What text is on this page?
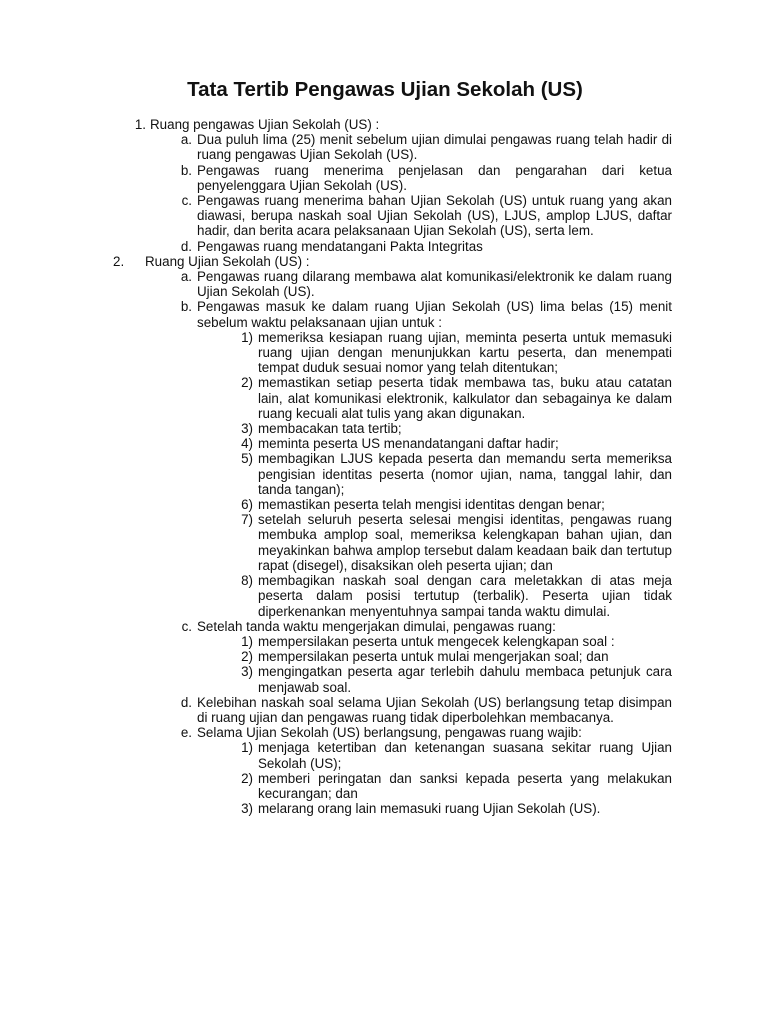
Tata Tertib Pengawas Ujian Sekolah (US)
1. Ruang pengawas Ujian Sekolah (US) :
a. Dua puluh lima (25) menit sebelum ujian dimulai pengawas ruang telah hadir di ruang pengawas Ujian Sekolah (US).
b. Pengawas ruang menerima penjelasan dan pengarahan dari ketua penyelenggara Ujian Sekolah (US).
c. Pengawas ruang menerima bahan Ujian Sekolah (US) untuk ruang yang akan diawasi, berupa naskah soal Ujian Sekolah (US), LJUS, amplop LJUS, daftar hadir, dan berita acara pelaksanaan Ujian Sekolah (US), serta lem.
d. Pengawas ruang mendatangani Pakta Integritas
2.	Ruang Ujian Sekolah (US) :
a. Pengawas ruang dilarang membawa alat komunikasi/elektronik ke dalam ruang Ujian Sekolah (US).
b. Pengawas masuk ke dalam ruang Ujian Sekolah (US) lima belas (15) menit sebelum waktu pelaksanaan ujian untuk :
1) memeriksa kesiapan ruang ujian, meminta peserta untuk memasuki ruang ujian dengan menunjukkan kartu peserta, dan menempati tempat duduk sesuai nomor yang telah ditentukan;
2) memastikan setiap peserta tidak membawa tas, buku atau catatan lain, alat komunikasi elektronik, kalkulator dan sebagainya ke dalam ruang kecuali alat tulis yang akan digunakan.
3) membacakan tata tertib;
4) meminta peserta US menandatangani daftar hadir;
5) membagikan LJUS kepada peserta dan memandu serta memeriksa pengisian identitas peserta (nomor ujian, nama, tanggal lahir, dan tanda tangan);
6) memastikan peserta telah mengisi identitas dengan benar;
7) setelah seluruh peserta selesai mengisi identitas, pengawas ruang membuka amplop soal, memeriksa kelengkapan bahan ujian, dan meyakinkan bahwa amplop tersebut dalam keadaan baik dan tertutup rapat (disegel), disaksikan oleh peserta ujian; dan
8) membagikan naskah soal dengan cara meletakkan di atas meja peserta dalam posisi tertutup (terbalik). Peserta ujian tidak diperkenankan menyentuhnya sampai tanda waktu dimulai.
c. Setelah tanda waktu mengerjakan dimulai, pengawas ruang:
1) mempersilakan peserta untuk mengecek kelengkapan soal :
2) mempersilakan peserta untuk mulai mengerjakan soal; dan
3) mengingatkan peserta agar terlebih dahulu membaca petunjuk cara menjawab soal.
d. Kelebihan naskah soal selama Ujian Sekolah (US) berlangsung tetap disimpan di ruang ujian dan pengawas ruang tidak diperbolehkan membacanya.
e. Selama Ujian Sekolah (US) berlangsung, pengawas ruang wajib:
1) menjaga ketertiban dan ketenangan suasana sekitar ruang Ujian Sekolah (US);
2) memberi peringatan dan sanksi kepada peserta yang melakukan kecurangan; dan
3) melarang orang lain memasuki ruang Ujian Sekolah (US).
